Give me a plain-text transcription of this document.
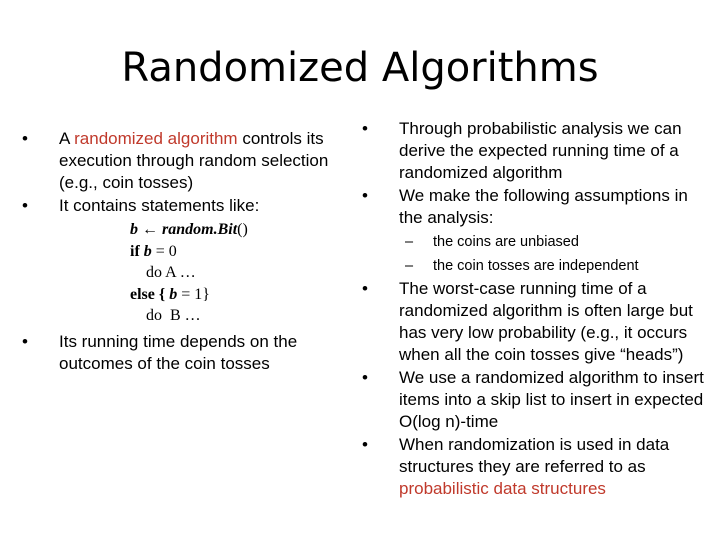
Randomized Algorithms
•	A randomized algorithm controls its execution through random selection (e.g., coin tosses)
•	It contains statements like:
b ← random.Bit()
if b = 0
do A …
else { b = 1}
do  B …
•	Its running time depends on the outcomes of the coin tosses
•	Through probabilistic analysis we can derive the expected running time of a randomized algorithm
•	We make the following assumptions in the analysis:
– the coins are unbiased
– the coin tosses are independent
•	The worst-case running time of a randomized algorithm is often large but has very low probability (e.g., it occurs when all the coin tosses give “heads”)
•	We use a randomized algorithm to insert items into a skip list to insert in expected O(log n)-time
•	When randomization is used in data structures they are referred to as probabilistic data structures
